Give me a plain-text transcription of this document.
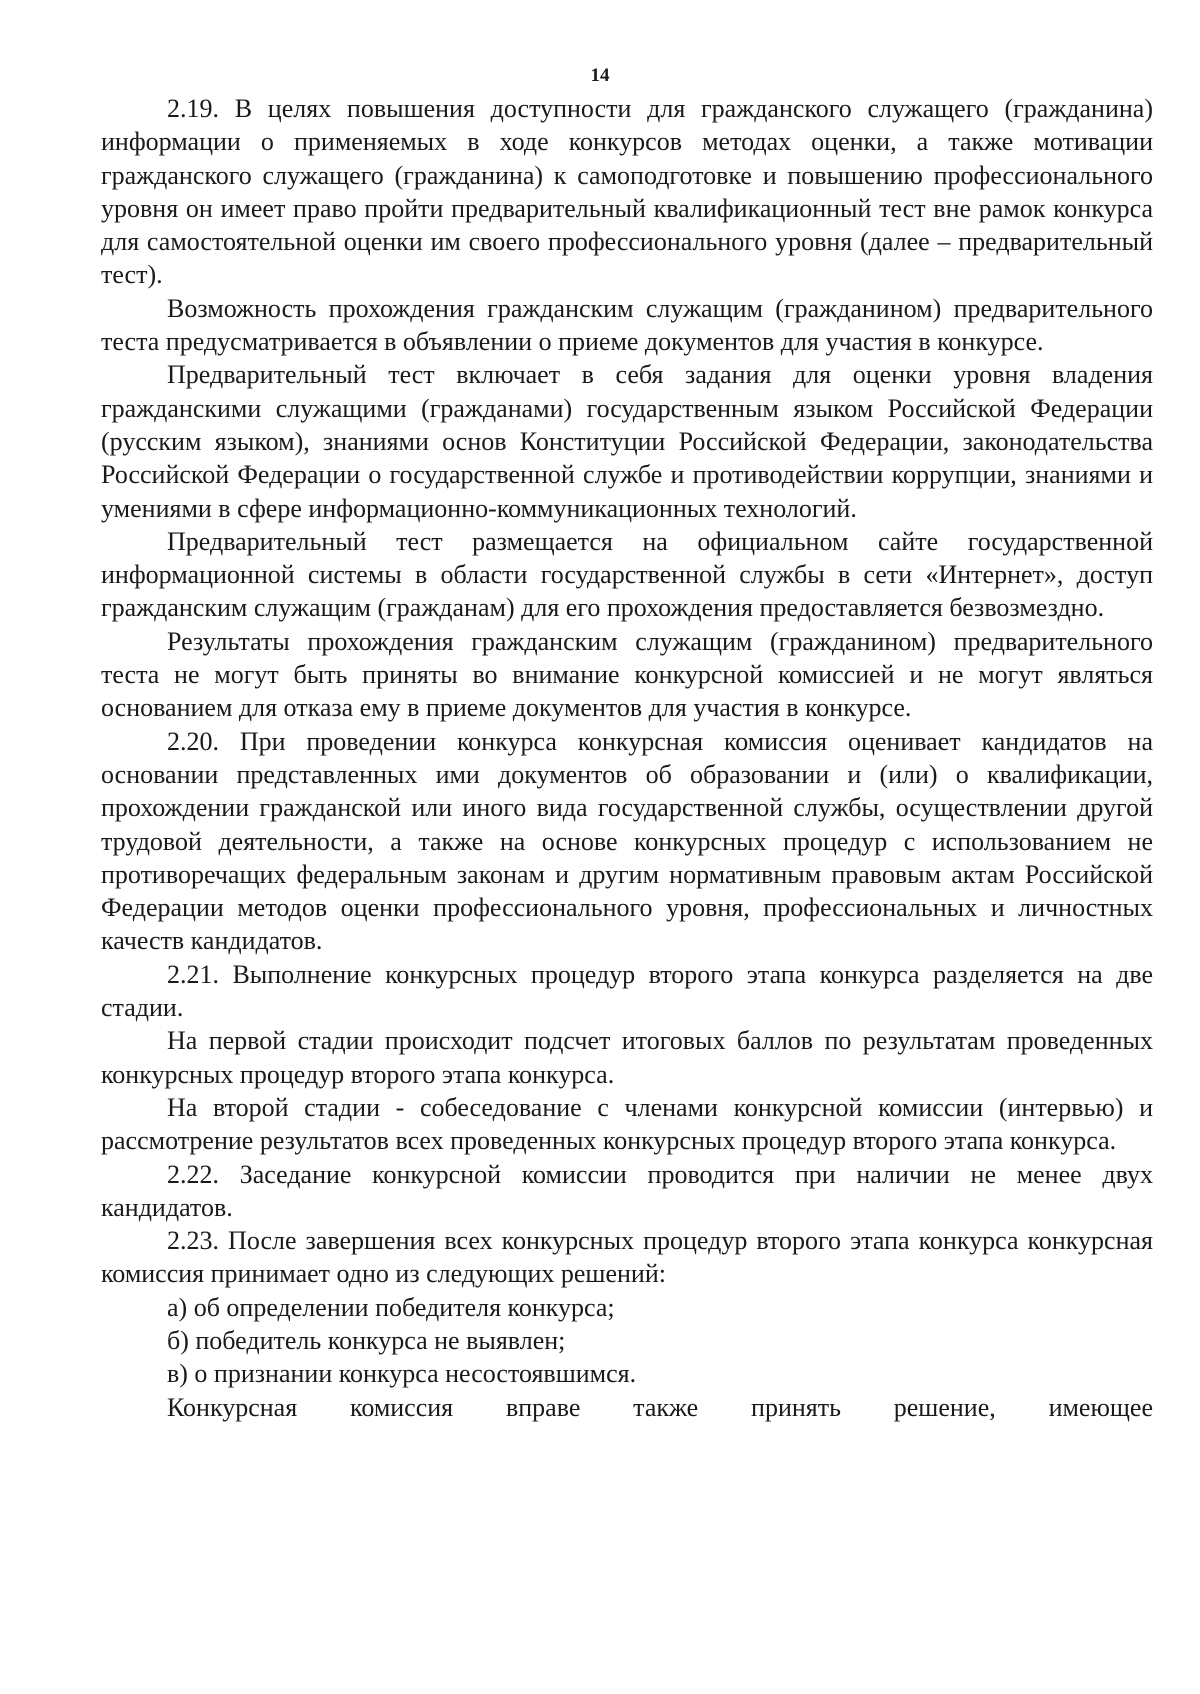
14

2.19. В целях повышения доступности для гражданского служащего (гражданина) информации о применяемых в ходе конкурсов методах оценки, а также мотивации гражданского служащего (гражданина) к самоподготовке и повышению профессионального уровня он имеет право пройти предварительный квалификационный тест вне рамок конкурса для самостоятельной оценки им своего профессионального уровня (далее – предварительный тест).

Возможность прохождения гражданским служащим (гражданином) предварительного теста предусматривается в объявлении о приеме документов для участия в конкурсе.

Предварительный тест включает в себя задания для оценки уровня владения гражданскими служащими (гражданами) государственным языком Российской Федерации (русским языком), знаниями основ Конституции Российской Федерации, законодательства Российской Федерации о государственной службе и противодействии коррупции, знаниями и умениями в сфере информационно-коммуникационных технологий.

Предварительный тест размещается на официальном сайте государственной информационной системы в области государственной службы в сети «Интернет», доступ гражданским служащим (гражданам) для его прохождения предоставляется безвозмездно.

Результаты прохождения гражданским служащим (гражданином) предварительного теста не могут быть приняты во внимание конкурсной комиссией и не могут являться основанием для отказа ему в приеме документов для участия в конкурсе.

2.20. При проведении конкурса конкурсная комиссия оценивает кандидатов на основании представленных ими документов об образовании и (или) о квалификации, прохождении гражданской или иного вида государственной службы, осуществлении другой трудовой деятельности, а также на основе конкурсных процедур с использованием не противоречащих федеральным законам и другим нормативным правовым актам Российской Федерации методов оценки профессионального уровня, профессиональных и личностных качеств кандидатов.

2.21. Выполнение конкурсных процедур второго этапа конкурса разделяется на две стадии.

На первой стадии происходит подсчет итоговых баллов по результатам проведенных конкурсных процедур второго этапа конкурса.

На второй стадии - собеседование с членами конкурсной комиссии (интервью) и рассмотрение результатов всех проведенных конкурсных процедур второго этапа конкурса.

2.22. Заседание конкурсной комиссии проводится при наличии не менее двух кандидатов.

2.23. После завершения всех конкурсных процедур второго этапа конкурса конкурсная комиссия принимает одно из следующих решений:

а) об определении победителя конкурса;

б) победитель конкурса не выявлен;

в) о признании конкурса несостоявшимся.

Конкурсная комиссия вправе также принять решение, имеющее
